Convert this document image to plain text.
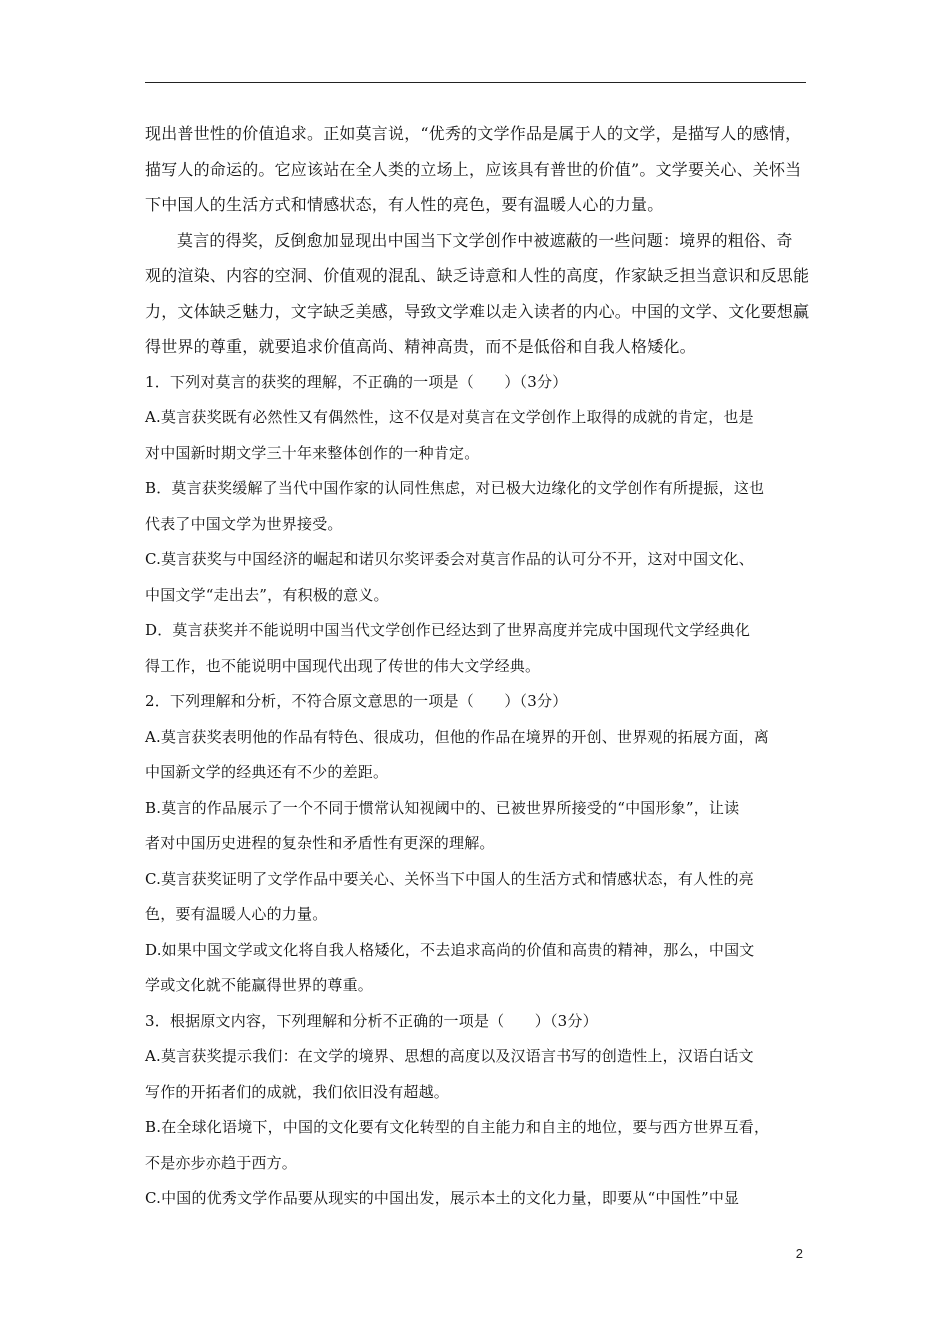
现出普世性的价值追求。正如莫言说，“优秀的文学作品是属于人的文学，是描写人的感情，
描写人的命运的。它应该站在全人类的立场上，应该具有普世的价值”。文学要关心、关怀当
下中国人的生活方式和情感状态，有人性的亮色，要有温暖人心的力量。
莫言的得奖，反倒愈加显现出中国当下文学创作中被遮蔽的一些问题：境界的粗俗、奇
观的渲染、内容的空洞、价值观的混乱、缺乏诗意和人性的高度，作家缺乏担当意识和反思能
力，文体缺乏魅力，文字缺乏美感，导致文学难以走入读者的内心。中国的文学、文化要想赢
得世界的尊重，就要追求价值高尚、精神高贵，而不是低俗和自我人格矮化。
1．下列对莫言的获奖的理解，不正确的一项是（　　）（3分）
A.莫言获奖既有必然性又有偶然性，这不仅是对莫言在文学创作上取得的成就的肯定，也是
对中国新时期文学三十年来整体创作的一种肯定。
B．莫言获奖缓解了当代中国作家的认同性焦虑，对已极大边缘化的文学创作有所提振，这也
代表了中国文学为世界接受。
C.莫言获奖与中国经济的崛起和诺贝尔奖评委会对莫言作品的认可分不开，这对中国文化、
中国文学“走出去”，有积极的意义。
D．莫言获奖并不能说明中国当代文学创作已经达到了世界高度并完成中国现代文学经典化
得工作，也不能说明中国现代出现了传世的伟大文学经典。
2．下列理解和分析，不符合原文意思的一项是（　　）（3分）
A.莫言获奖表明他的作品有特色、很成功，但他的作品在境界的开创、世界观的拓展方面，离
中国新文学的经典还有不少的差距。
B.莫言的作品展示了一个不同于惯常认知视阈中的、已被世界所接受的“中国形象”，让读
者对中国历史进程的复杂性和矛盾性有更深的理解。
C.莫言获奖证明了文学作品中要关心、关怀当下中国人的生活方式和情感状态，有人性的亮
色，要有温暖人心的力量。
D.如果中国文学或文化将自我人格矮化，不去追求高尚的价值和高贵的精神，那么，中国文
学或文化就不能赢得世界的尊重。
3．根据原文内容，下列理解和分析不正确的一项是（　　）（3分）
A.莫言获奖提示我们：在文学的境界、思想的高度以及汉语言书写的创造性上，汉语白话文
写作的开拓者们的成就，我们依旧没有超越。
B.在全球化语境下，中国的文化要有文化转型的自主能力和自主的地位，要与西方世界互看，
不是亦步亦趋于西方。
C.中国的优秀文学作品要从现实的中国出发，展示本土的文化力量，即要从“中国性”中显
2
